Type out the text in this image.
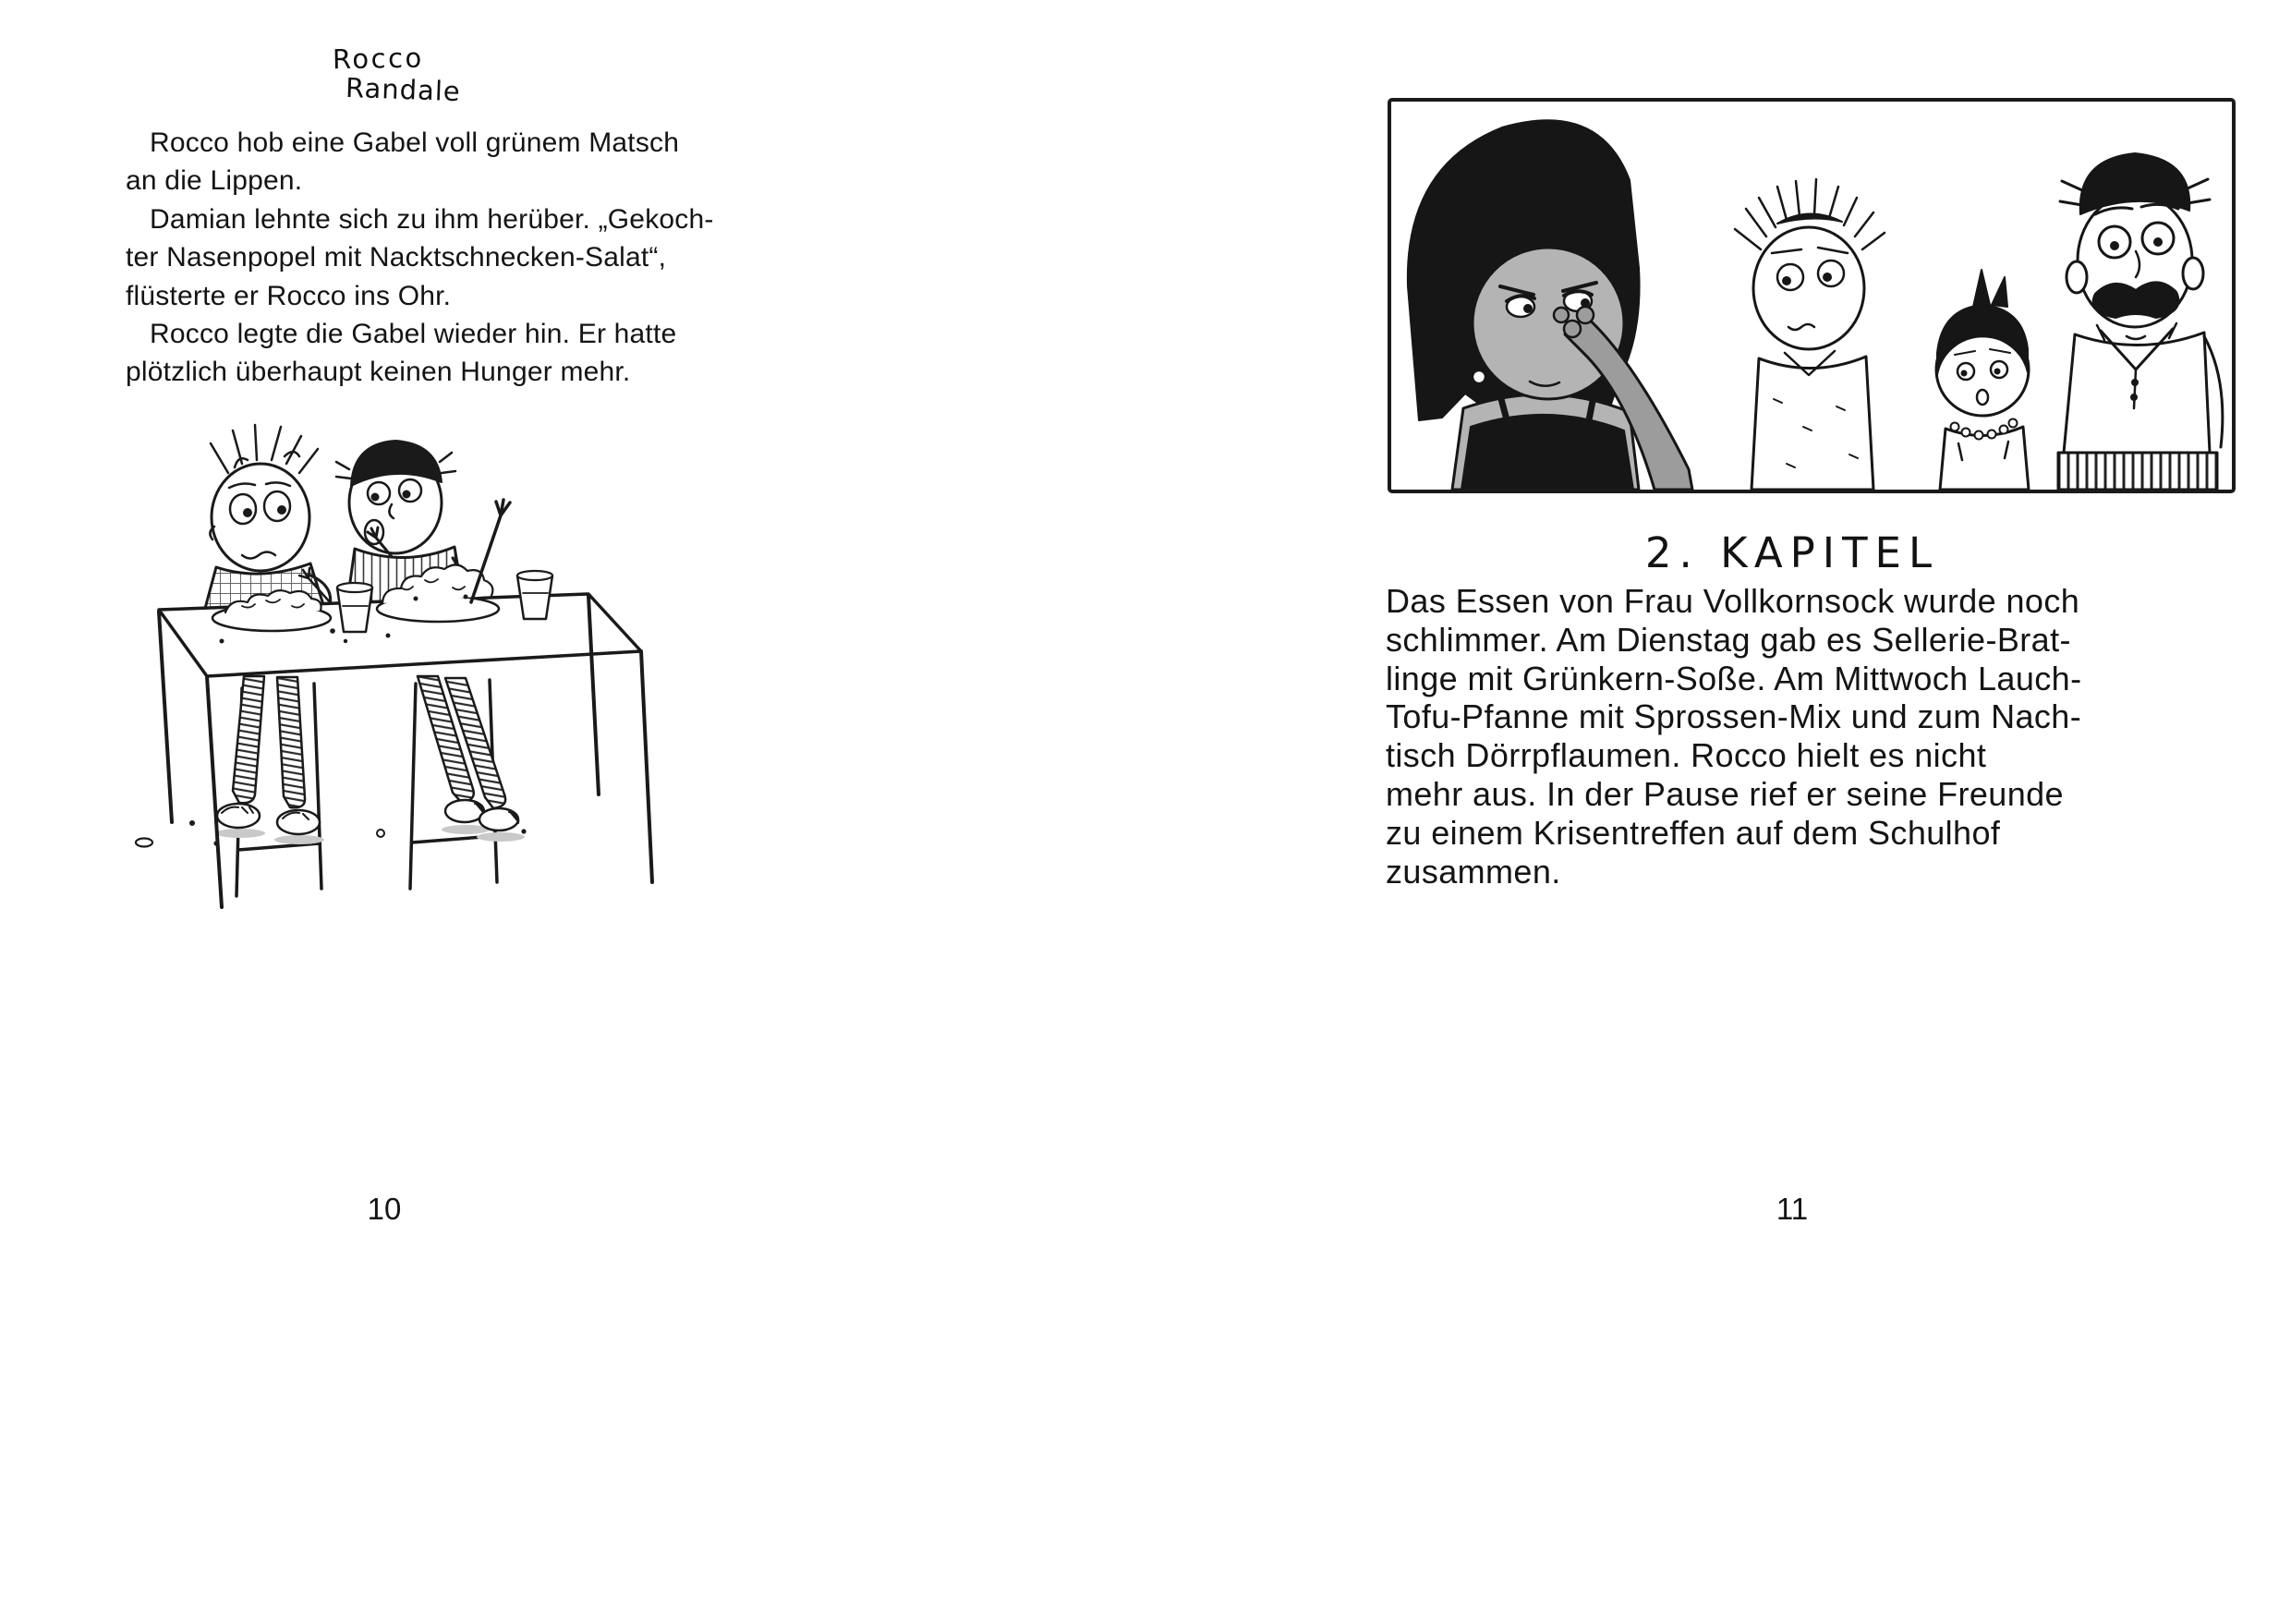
Rocco
Randale
Rocco hob eine Gabel voll grünem Matsch
an die Lippen.
Damian lehnte sich zu ihm herüber. „Gekoch-
ter Nasenpopel mit Nacktschnecken-Salat“,
flüsterte er Rocco ins Ohr.
Rocco legte die Gabel wieder hin. Er hatte
plötzlich überhaupt keinen Hunger mehr.
10
2. KAPITEL
Das Essen von Frau Vollkornsock wurde noch
schlimmer. Am Dienstag gab es Sellerie-Brat-
linge mit Grünkern-Soße. Am Mittwoch Lauch-
Tofu-Pfanne mit Sprossen-Mix und zum Nach-
tisch Dörrpflaumen. Rocco hielt es nicht
mehr aus. In der Pause rief er seine Freunde
zu einem Krisentreffen auf dem Schulhof
zusammen.
11
